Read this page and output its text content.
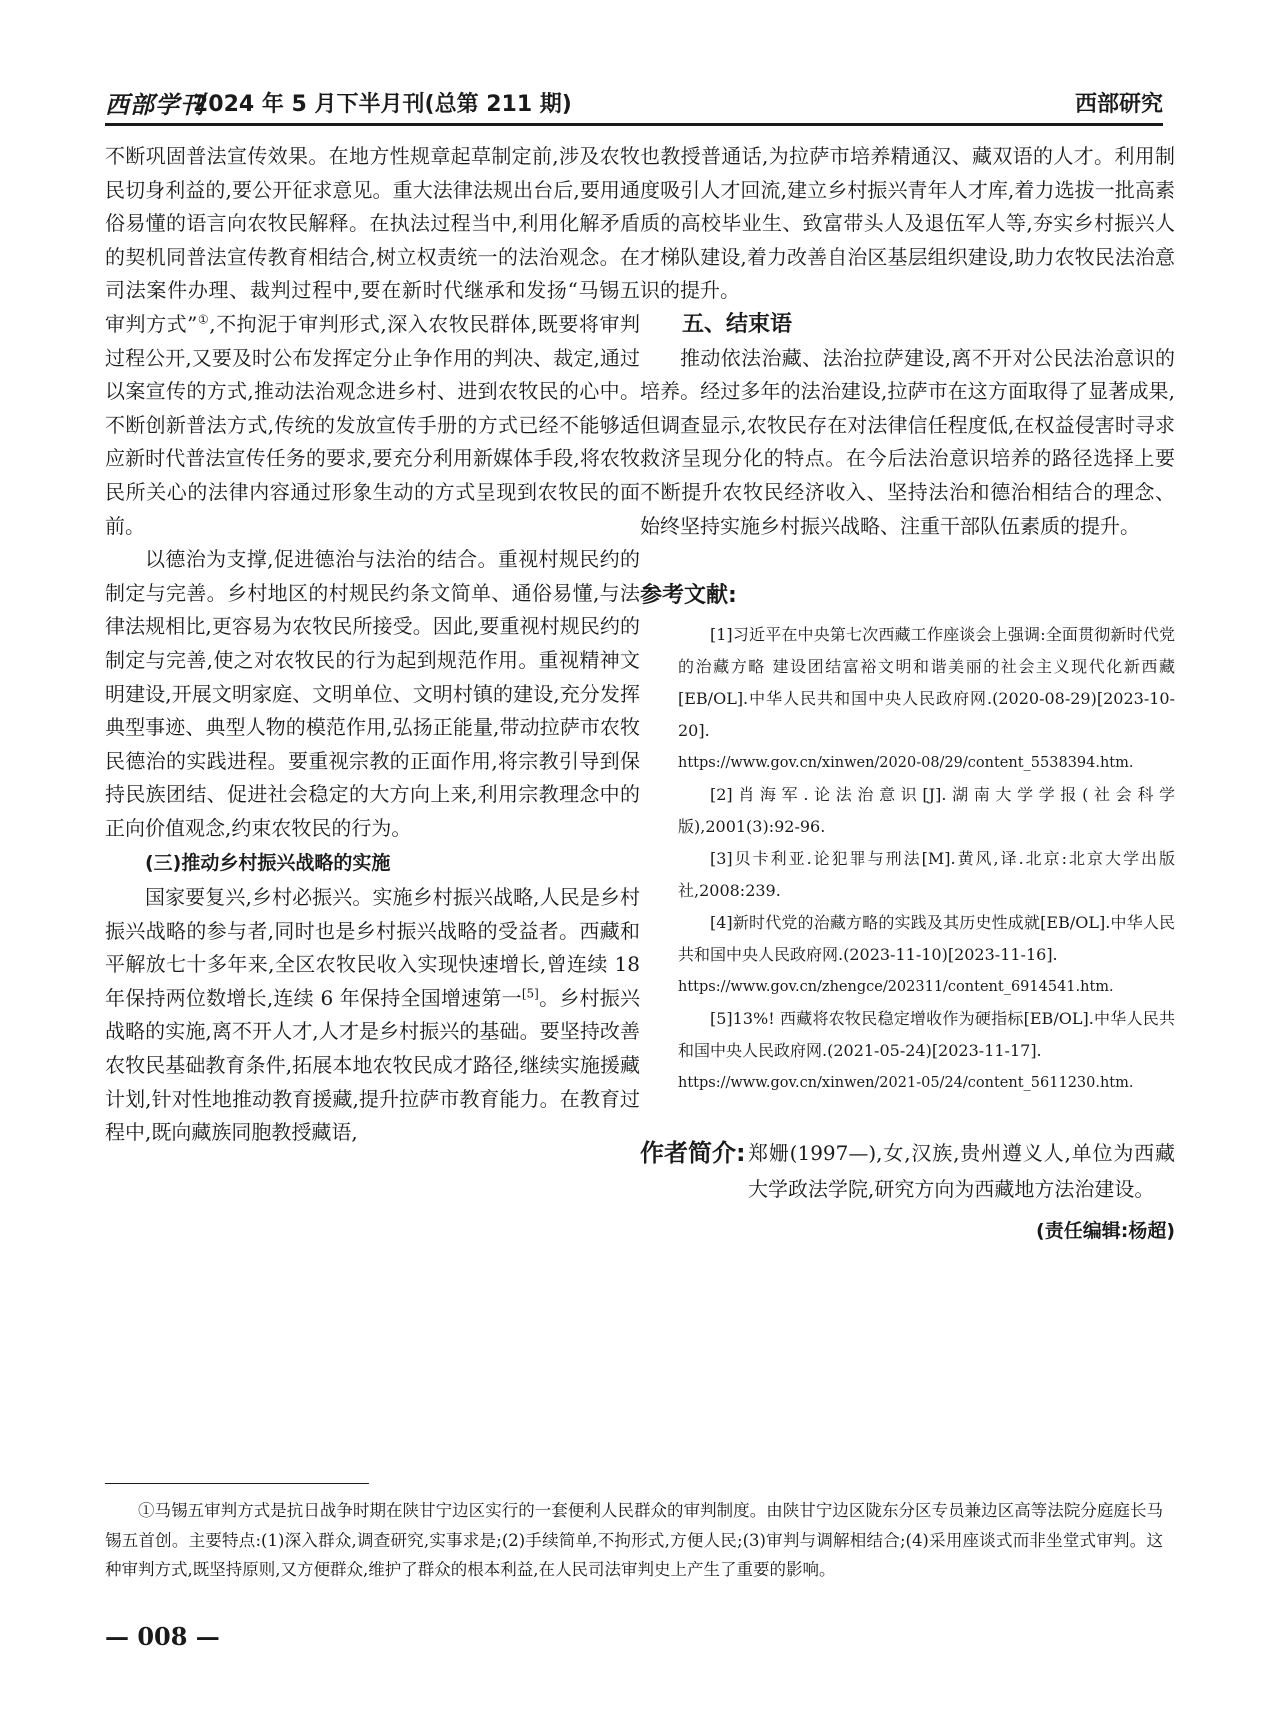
西部学刊
2024 年 5 月下半月刊(总第 211 期)	西部研究

不断巩固普法宣传效果。在地方性规章起草制定前,涉及农牧民切身利益的,要公开征求意见。重大法律法规出台后,要用通俗易懂的语言向农牧民解释。在执法过程当中,利用化解矛盾的契机同普法宣传教育相结合,树立权责统一的法治观念。在司法案件办理、裁判过程中,要在新时代继承和发扬“马锡五审判方式”①,不拘泥于审判形式,深入农牧民群体,既要将审判过程公开,又要及时公布发挥定分止争作用的判决、裁定,通过以案宣传的方式,推动法治观念进乡村、进到农牧民的心中。不断创新普法方式,传统的发放宣传手册的方式已经不能够适应新时代普法宣传任务的要求,要充分利用新媒体手段,将农牧民所关心的法律内容通过形象生动的方式呈现到农牧民的面前。

以德治为支撑,促进德治与法治的结合。重视村规民约的制定与完善。乡村地区的村规民约条文简单、通俗易懂,与法律法规相比,更容易为农牧民所接受。因此,要重视村规民约的制定与完善,使之对农牧民的行为起到规范作用。重视精神文明建设,开展文明家庭、文明单位、文明村镇的建设,充分发挥典型事迹、典型人物的模范作用,弘扬正能量,带动拉萨市农牧民德治的实践进程。要重视宗教的正面作用,将宗教引导到保持民族团结、促进社会稳定的大方向上来,利用宗教理念中的正向价值观念,约束农牧民的行为。

(三)推动乡村振兴战略的实施

国家要复兴,乡村必振兴。实施乡村振兴战略,人民是乡村振兴战略的参与者,同时也是乡村振兴战略的受益者。西藏和平解放七十多年来,全区农牧民收入实现快速增长,曾连续 18 年保持两位数增长,连续 6 年保持全国增速第一[5]。乡村振兴战略的实施,离不开人才,人才是乡村振兴的基础。要坚持改善农牧民基础教育条件,拓展本地农牧民成才路径,继续实施援藏计划,针对性地推动教育援藏,提升拉萨市教育能力。在教育过程中,既向藏族同胞教授藏语,

也教授普通话,为拉萨市培养精通汉、藏双语的人才。利用制度吸引人才回流,建立乡村振兴青年人才库,着力选拔一批高素质的高校毕业生、致富带头人及退伍军人等,夯实乡村振兴人才梯队建设,着力改善自治区基层组织建设,助力农牧民法治意识的提升。

五、结束语

推动依法治藏、法治拉萨建设,离不开对公民法治意识的培养。经过多年的法治建设,拉萨市在这方面取得了显著成果,但调查显示,农牧民存在对法律信任程度低,在权益侵害时寻求救济呈现分化的特点。在今后法治意识培养的路径选择上要不断提升农牧民经济收入、坚持法治和德治相结合的理念、始终坚持实施乡村振兴战略、注重干部队伍素质的提升。

参考文献:

[1]习近平在中央第七次西藏工作座谈会上强调:全面贯彻新时代党的治藏方略 建设团结富裕文明和谐美丽的社会主义现代化新西藏[EB/OL].中华人民共和国中央人民政府网.(2020-08-29)[2023-10-20].
https://www.gov.cn/xinwen/2020-08/29/content_5538394.htm.

[2]肖海军.论法治意识[J].湖南大学学报(社会科学版),2001(3):92-96.

[3]贝卡利亚.论犯罪与刑法[M].黄风,译.北京:北京大学出版社,2008:239.

[4]新时代党的治藏方略的实践及其历史性成就[EB/OL].中华人民共和国中央人民政府网.(2023-11-10)[2023-11-16].
https://www.gov.cn/zhengce/202311/content_6914541.htm.

[5]13%! 西藏将农牧民稳定增收作为硬指标[EB/OL].中华人民共和国中央人民政府网.(2021-05-24)[2023-11-17].
https://www.gov.cn/xinwen/2021-05/24/content_5611230.htm.

作者简介: 郑姗(1997—),女,汉族,贵州遵义人,单位为西藏大学政法学院,研究方向为西藏地方法治建设。
(责任编辑:杨超)
①马锡五审判方式是抗日战争时期在陕甘宁边区实行的一套便利人民群众的审判制度。由陕甘宁边区陇东分区专员兼边区高等法院分庭庭长马锡五首创。主要特点:(1)深入群众,调查研究,实事求是;(2)手续简单,不拘形式,方便人民;(3)审判与调解相结合;(4)采用座谈式而非坐堂式审判。这种审判方式,既坚持原则,又方便群众,维护了群众的根本利益,在人民司法审判史上产生了重要的影响。
— 008 —
